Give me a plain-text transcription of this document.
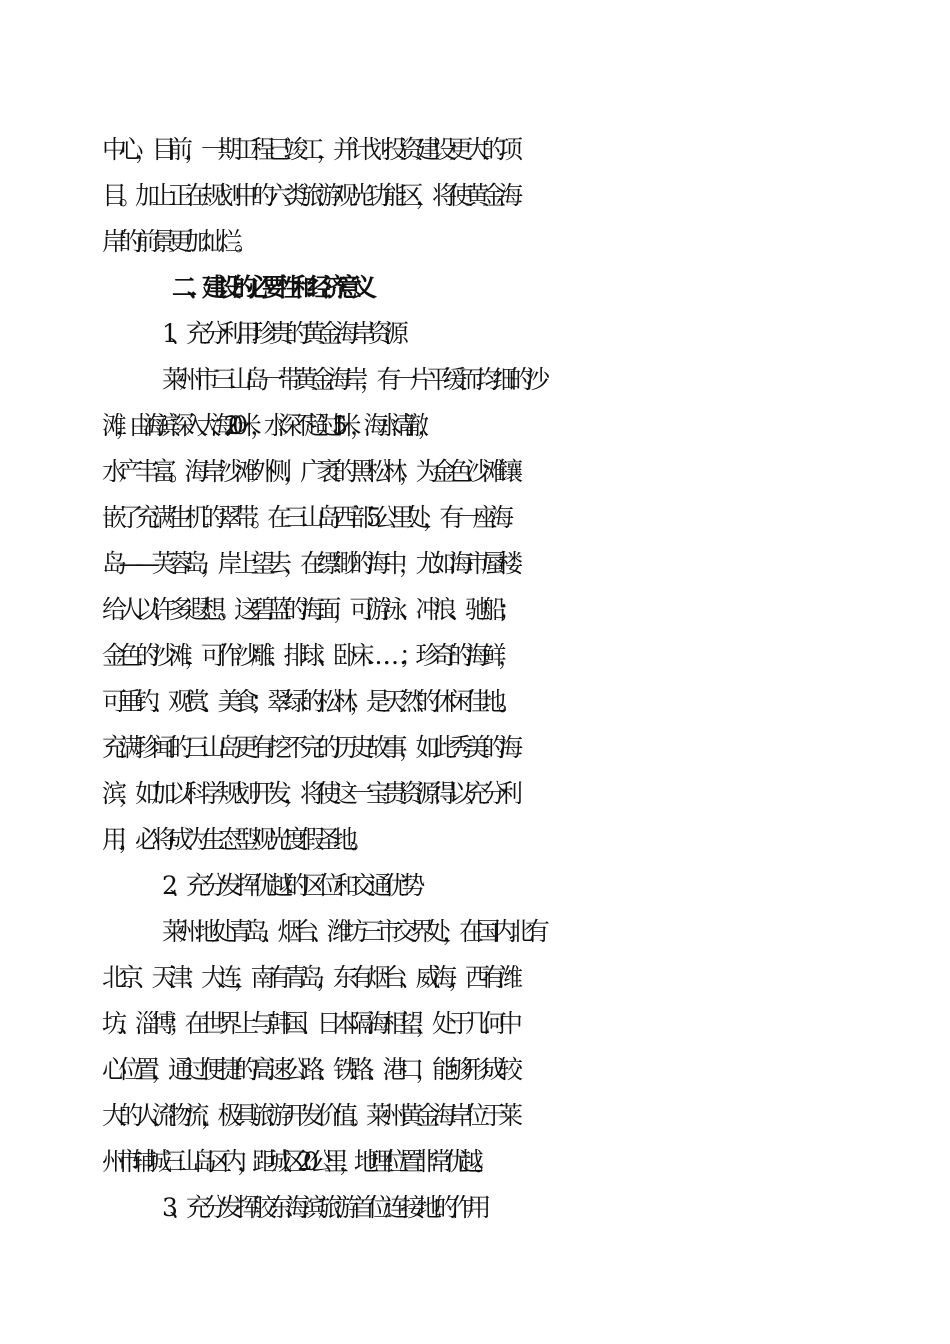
中心，目前，一期工程已竣工，并计划投资建设更大的项
目。加上正在规划中的六类旅游观光功能区，将使黄金海
岸的前景更加灿烂。
二、建设的必要性和经济意义
1、充分利用珍贵的黄金海岸资源
莱州市三山岛一带黄金海岸，有一片平缓而均细的沙
滩，由海滨深入大海200米，水深不超过1.5米，海水清澈，
水产丰富。海岸沙滩外侧，广袤的黑松林，为金色沙滩镶
嵌了充满生机的翠带。在三山岛西部5公里处，有一座海
岛——芙蓉岛，岸上望去，在缥缈的海中，尤如海市蜃楼
给人以许多遐想。这碧蓝的海面，可游泳、冲浪、驰船；
金色的沙滩，可作沙雕、排球、卧床……；珍奇的海鲜，
可垂钓、观赏、美食；翠绿的松林，是天然的休闲佳地。
充满珍闻的三山岛更有挖不完的历史故事，如此秀美的海
滨，如加以科学规划开发，将使这一宝贵资源得以充分利
用，必将成为生态型观光度假圣地。
2、充分发挥优越的区位和交通优势
莱州地处青岛、烟台、潍坊三市交界处，在国内北有
北京、天津、大连，南有青岛，东有烟台、威海，西有潍
坊、淄博；在世界上与韩国、日本隔海相望，处于几何中
心位置，通过便捷的高速公路、铁路、港口，能够形成较
大的人流物流，极具旅游开发价值。莱州黄金海岸位于莱
州市辅城三山岛区内，距城区20公里，地理位置非常优越。
3、充分发挥胶东海滨旅游首位连接地的作用
